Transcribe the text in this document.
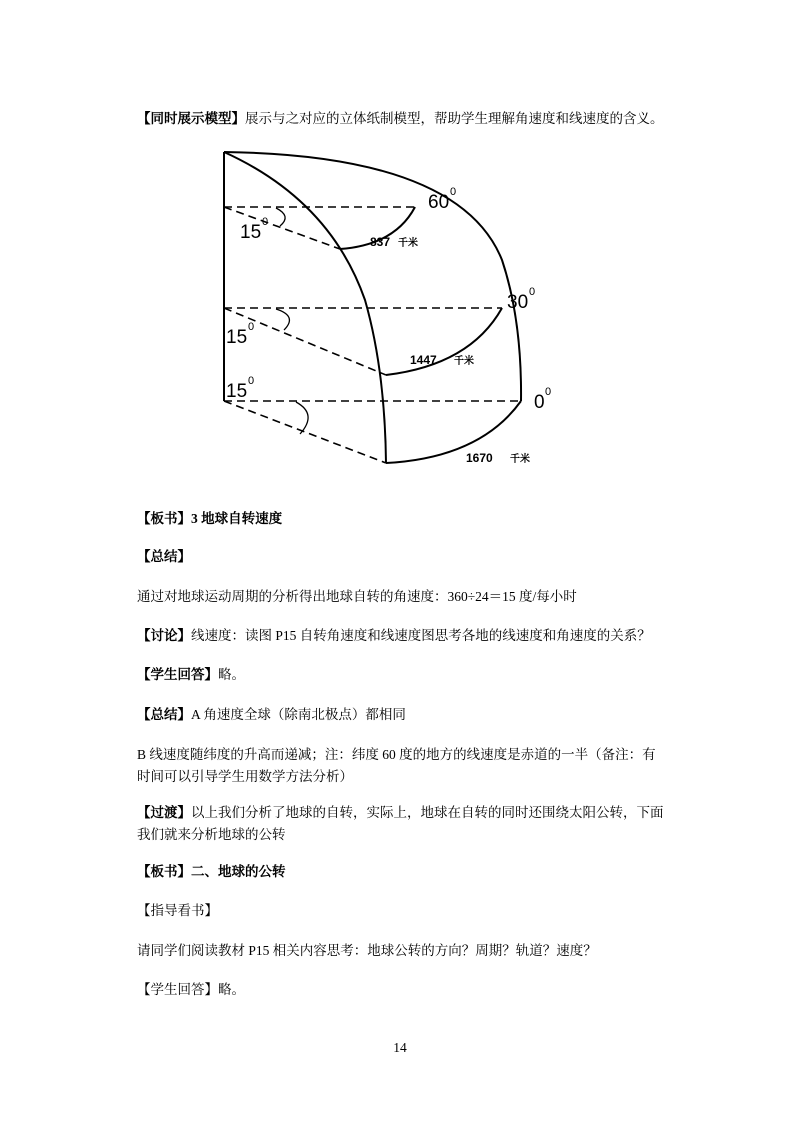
【同时展示模型】展示与之对应的立体纸制模型，帮助学生理解角速度和线速度的含义。
60 0
30 0
0 0
15 0
15 0
15 0
837 千米
1447 千米
1670 千米
【板书】3 地球自转速度
【总结】
通过对地球运动周期的分析得出地球自转的角速度：360÷24＝15 度/每小时
【讨论】线速度：读图 P15 自转角速度和线速度图思考各地的线速度和角速度的关系？
【学生回答】略。
【总结】A 角速度全球（除南北极点）都相同
B 线速度随纬度的升高而递减；注：纬度 60 度的地方的线速度是赤道的一半（备注：有时间可以引导学生用数学方法分析）
【过渡】以上我们分析了地球的自转，实际上，地球在自转的同时还围绕太阳公转，下面我们就来分析地球的公转
【板书】二、地球的公转
【指导看书】
请同学们阅读教材 P15 相关内容思考：地球公转的方向？周期？轨道？速度？
【学生回答】略。
14
